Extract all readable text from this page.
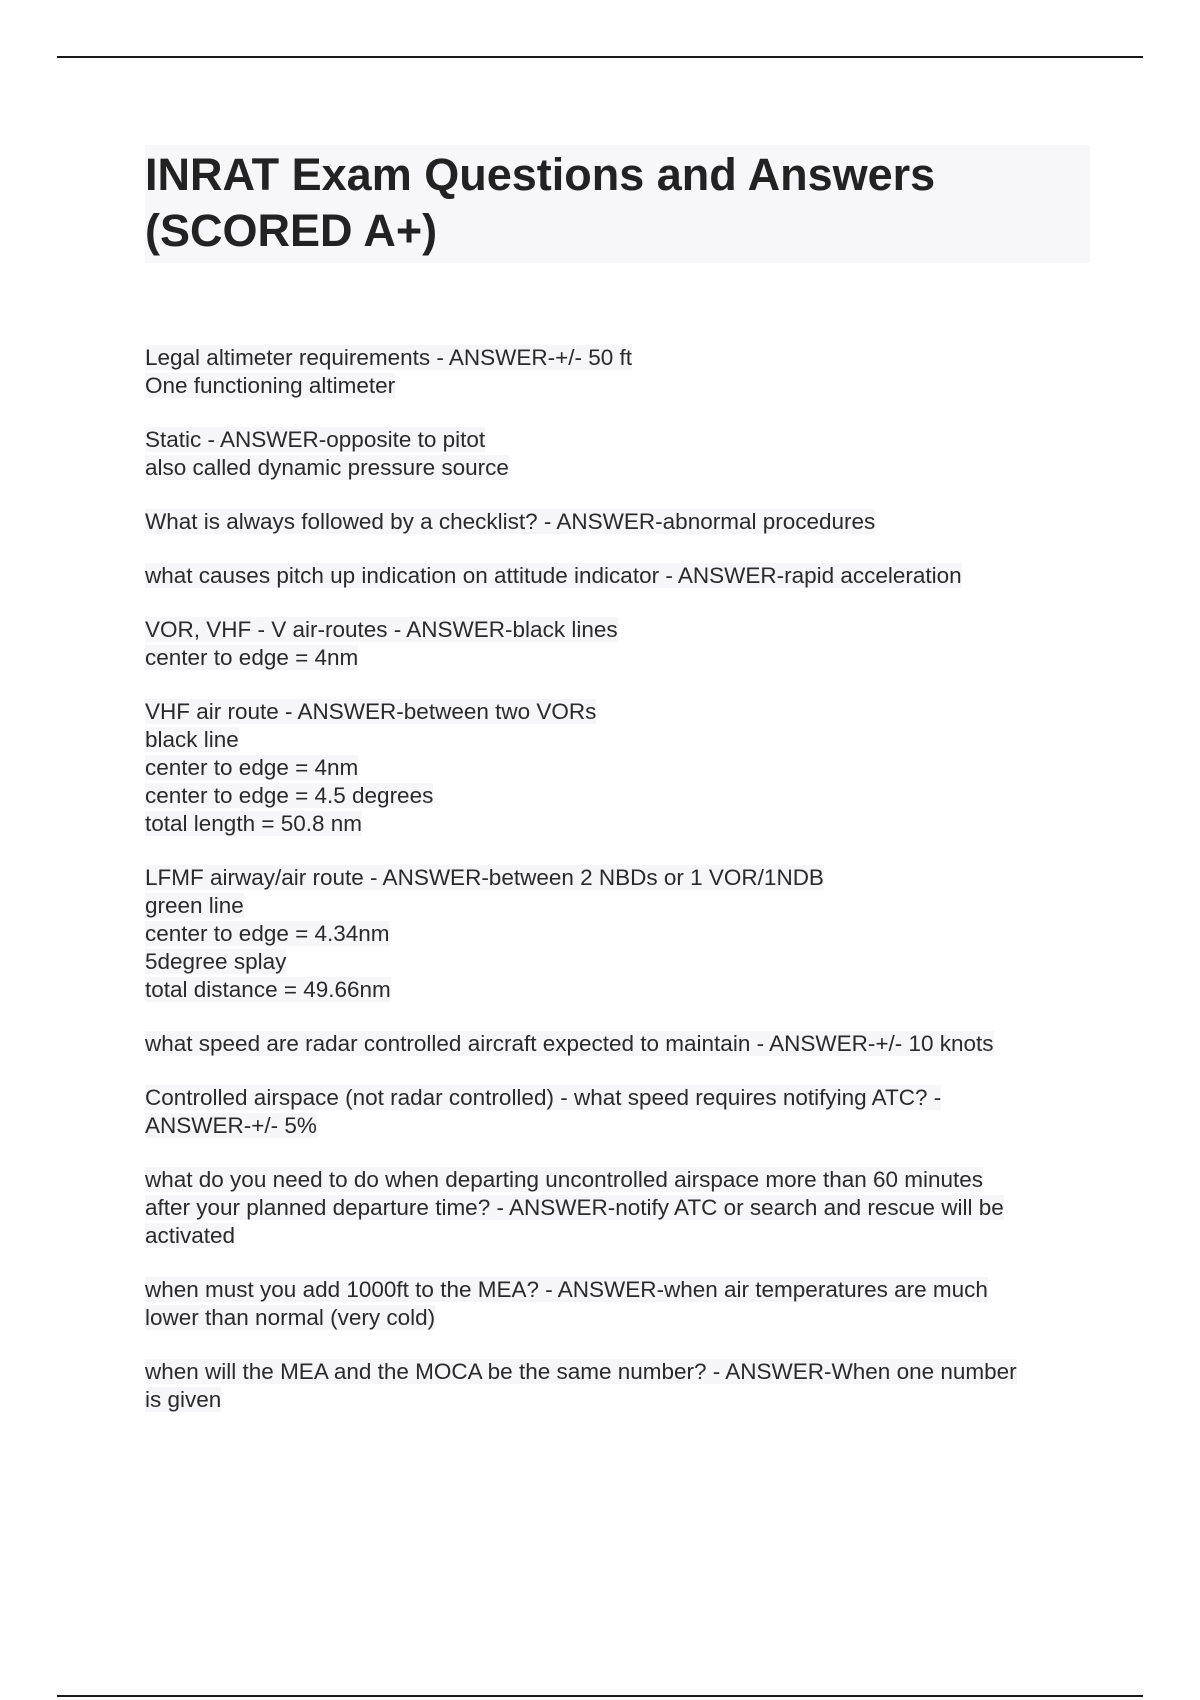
INRAT Exam Questions and Answers
(SCORED A+)
Legal altimeter requirements - ANSWER-+/- 50 ft
One functioning altimeter
Static - ANSWER-opposite to pitot
also called dynamic pressure source
What is always followed by a checklist? - ANSWER-abnormal procedures
what causes pitch up indication on attitude indicator - ANSWER-rapid acceleration
VOR, VHF - V air-routes - ANSWER-black lines
center to edge = 4nm
VHF air route - ANSWER-between two VORs
black line
center to edge = 4nm
center to edge = 4.5 degrees
total length = 50.8 nm
LFMF airway/air route - ANSWER-between 2 NBDs or 1 VOR/1NDB
green line
center to edge = 4.34nm
5degree splay
total distance = 49.66nm
what speed are radar controlled aircraft expected to maintain - ANSWER-+/- 10 knots
Controlled airspace (not radar controlled) - what speed requires notifying ATC? -
ANSWER-+/- 5%
what do you need to do when departing uncontrolled airspace more than 60 minutes
after your planned departure time? - ANSWER-notify ATC or search and rescue will be
activated
when must you add 1000ft to the MEA? - ANSWER-when air temperatures are much
lower than normal (very cold)
when will the MEA and the MOCA be the same number? - ANSWER-When one number
is given
